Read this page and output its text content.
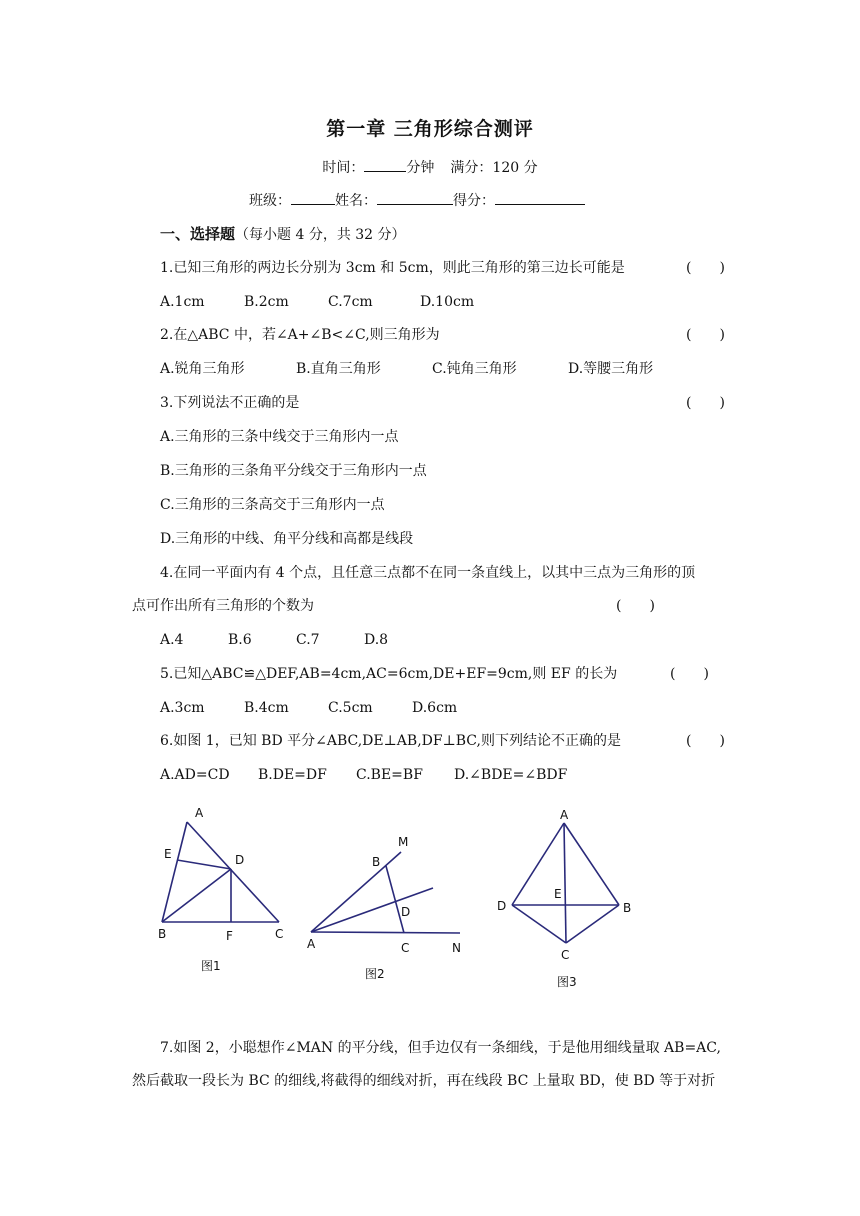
第一章 三角形综合测评
时间：	分钟 满分：120 分
班级：	姓名：	得分：
一、选择题（每小题 4 分，共 32 分）
1.已知三角形的两边长分别为 3cm 和 5cm，则此三角形的第三边长可能是	(　　)
A.1cm	B.2cm	C.7cm	D.10cm
2.在△ABC 中，若∠A+∠B<∠C,则三角形为	(　　)
A.锐角三角形	B.直角三角形	C.钝角三角形	D.等腰三角形
3.下列说法不正确的是	(　　)
A.三角形的三条中线交于三角形内一点
B.三角形的三条角平分线交于三角形内一点
C.三角形的三条高交于三角形内一点
D.三角形的中线、角平分线和高都是线段
4.在同一平面内有 4 个点，且任意三点都不在同一条直线上，以其中三点为三角形的顶
点可作出所有三角形的个数为	(　　)
A.4	B.6	C.7	D.8
5.已知△ABC≌△DEF,AB=4cm,AC=6cm,DE+EF=9cm,则 EF 的长为	(　　)
A.3cm	B.4cm	C.5cm	D.6cm
6.如图 1，已知 BD 平分∠ABC,DE⊥AB,DF⊥BC,则下列结论不正确的是	(　　)
A.AD=CD B.DE=DF C.BE=BF D.∠BDE=∠BDF
A
E	D
B	F	C
图1
M
B
D
A	C	N
图2
A
E
D	B
C
图3
7.如图 2，小聪想作∠MAN 的平分线，但手边仅有一条细线，于是他用细线量取 AB=AC,
然后截取一段长为 BC 的细线,将截得的细线对折，再在线段 BC 上量取 BD，使 BD 等于对折
